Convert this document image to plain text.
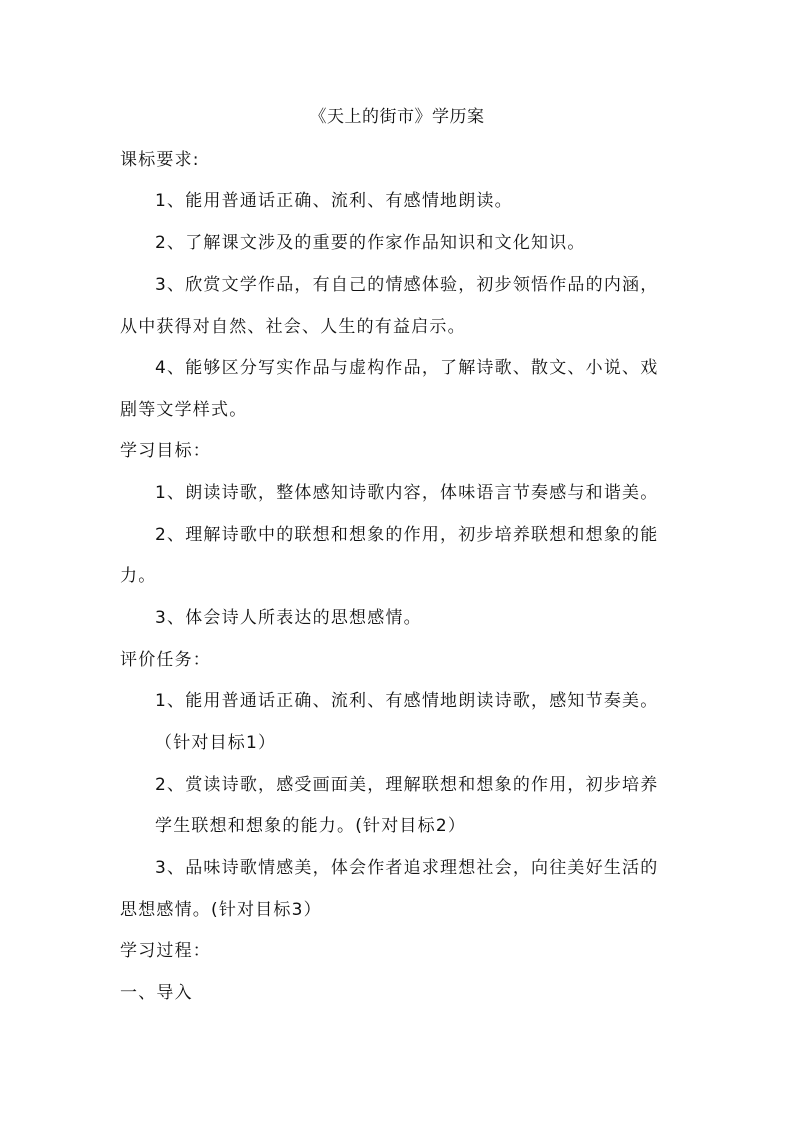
《天上的街市》学历案
课标要求:
1、能用普通话正确、流利、有感情地朗读。
2、了解课文涉及的重要的作家作品知识和文化知识。
3、欣赏文学作品，有自己的情感体验，初步领悟作品的内涵，
从中获得对自然、社会、人生的有益启示。
4、能够区分写实作品与虚构作品，了解诗歌、散文、小说、戏
剧等文学样式。
学习目标：
1、朗读诗歌，整体感知诗歌内容，体味语言节奏感与和谐美。
2、理解诗歌中的联想和想象的作用，初步培养联想和想象的能
力。
3、体会诗人所表达的思想感情。
评价任务：
1、能用普通话正确、流利、有感情地朗读诗歌，感知节奏美。
（针对目标1）
2、赏读诗歌，感受画面美，理解联想和想象的作用，初步培养
学生联想和想象的能力。(针对目标2）
3、品味诗歌情感美，体会作者追求理想社会，向往美好生活的
思想感情。(针对目标3）
学习过程：
一、导入
